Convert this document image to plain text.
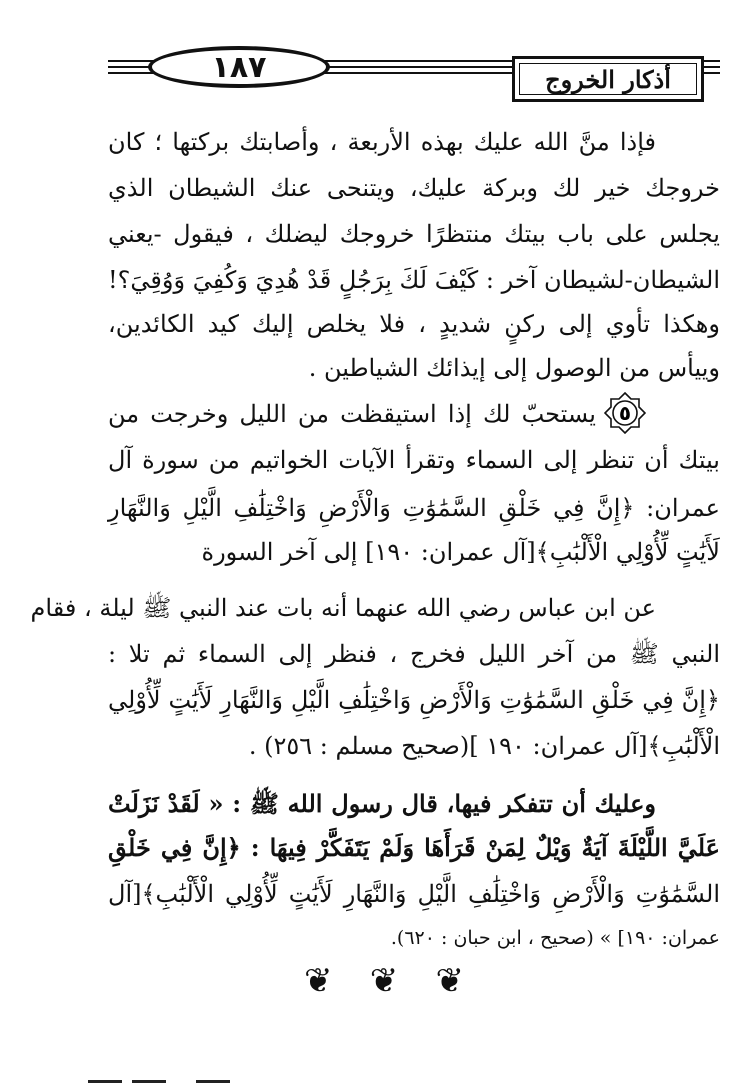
١٨٧	أذكار الخروج
فإذا منَّ الله عليك بهذه الأربعة ، وأصابتك بركتها ؛ كان
خروجك خير لك وبركة عليك، ويتنحى عنك الشيطان الذي
يجلس على باب بيتك منتظرًا خروجك ليضلك ، فيقول -يعني
الشيطان-لشيطان آخر : كَيْفَ لَكَ بِرَجُلٍ قَدْ هُدِيَ وَكُفِيَ وَوُقِيَ؟!
وهكذا تأوي إلى ركنٍ شديدٍ ، فلا يخلص إليك كيد الكائدين،
وييأس من الوصول إلى إيذائك الشياطين .
٥
يستحبّ لك إذا استيقظت من الليل وخرجت من
بيتك أن تنظر إلى السماء وتقرأ الآيات الخواتيم من سورة آل
عمران: ﴿إِنَّ فِي خَلْقِ السَّمَٰوَٰتِ وَالْأَرْضِ وَاخْتِلَٰفِ الَّيْلِ وَالنَّهَارِ
لَأَيَٰتٍ لِّأُوْلِي الْأَلْبَٰبِ﴾[آل عمران: ١٩٠] إلى آخر السورة
عن ابن عباس رضي الله عنهما أنه بات عند النبي ﷺ ليلة ، فقام
النبي ﷺ من آخر الليل فخرج ، فنظر إلى السماء ثم تلا :
﴿إِنَّ فِي خَلْقِ السَّمَٰوَٰتِ وَالْأَرْضِ وَاخْتِلَٰفِ الَّيْلِ وَالنَّهَارِ لَأَيَٰتٍ لِّأُوْلِي
الْأَلْبَٰبِ﴾[آل عمران: ١٩٠ ](صحيح مسلم : ٢٥٦) .
وعليك أن تتفكر فيها، قال رسول الله ﷺ : « لَقَدْ نَزَلَتْ
عَلَيَّ اللَّيْلَةَ آيَةٌ وَيْلٌ لِمَنْ قَرَأَهَا وَلَمْ يَتَفَكَّرْ فِيهَا : ﴿إِنَّ فِي خَلْقِ
السَّمَٰوَٰتِ وَالْأَرْضِ وَاخْتِلَٰفِ الَّيْلِ وَالنَّهَارِ لَأَيَٰتٍ لِّأُوْلِي الْأَلْبَٰبِ﴾[آل
عمران: ١٩٠] » (صحيح ، ابن حبان : ٦٢٠).
❦ ❦ ❦
